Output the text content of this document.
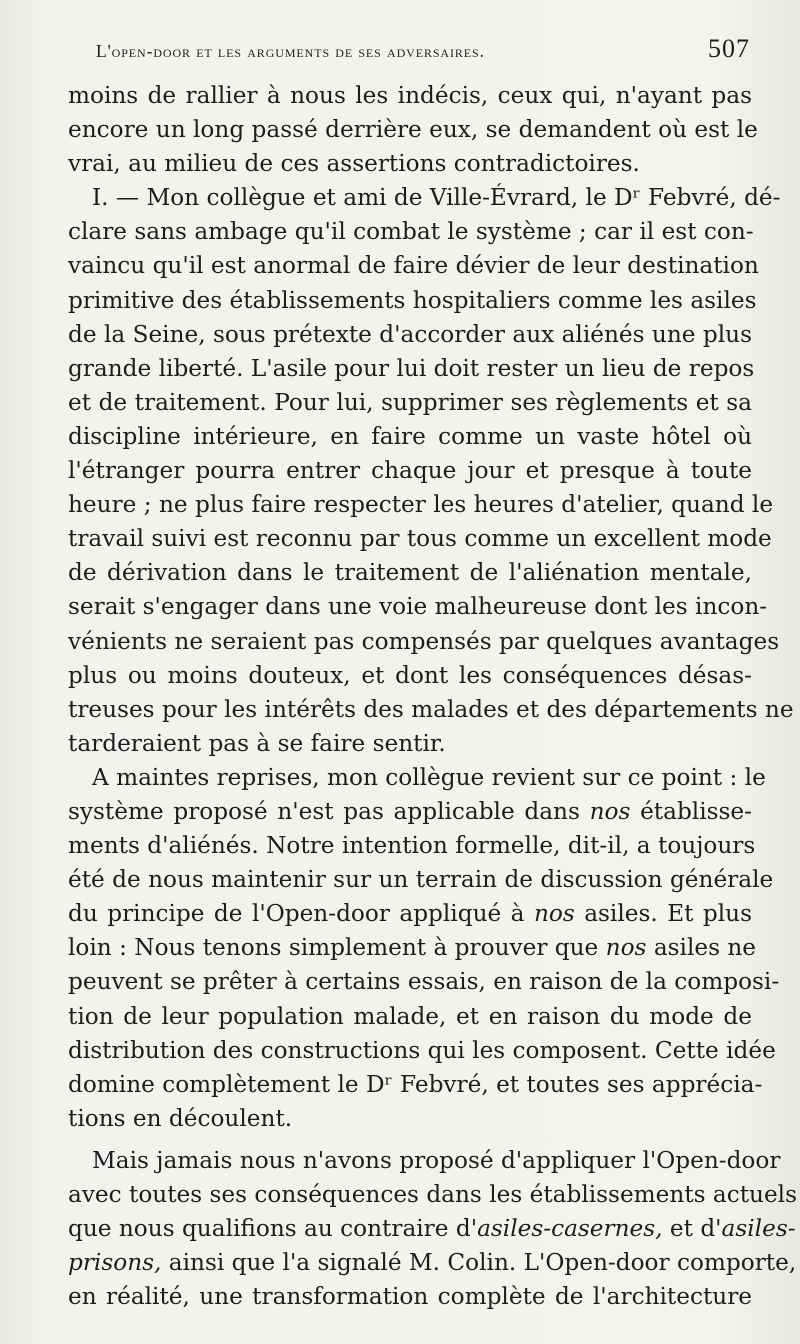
L'open-door et les arguments de ses adversaires.	507
moins de rallier à nous les indécis, ceux qui, n'ayant pas
encore un long passé derrière eux, se demandent où est le
vrai, au milieu de ces assertions contradictoires.
I. — Mon collègue et ami de Ville-Évrard, le Dʳ Febvré, dé-
clare sans ambage qu'il combat le système ; car il est con-
vaincu qu'il est anormal de faire dévier de leur destination
primitive des établissements hospitaliers comme les asiles
de la Seine, sous prétexte d'accorder aux aliénés une plus
grande liberté. L'asile pour lui doit rester un lieu de repos
et de traitement. Pour lui, supprimer ses règlements et sa
discipline intérieure, en faire comme un vaste hôtel où
l'étranger pourra entrer chaque jour et presque à toute
heure ; ne plus faire respecter les heures d'atelier, quand le
travail suivi est reconnu par tous comme un excellent mode
de dérivation dans le traitement de l'aliénation mentale,
serait s'engager dans une voie malheureuse dont les incon-
vénients ne seraient pas compensés par quelques avantages
plus ou moins douteux, et dont les conséquences désas-
treuses pour les intérêts des malades et des départements ne
tarderaient pas à se faire sentir.
A maintes reprises, mon collègue revient sur ce point : le
système proposé n'est pas applicable dans nos établisse-
ments d'aliénés. Notre intention formelle, dit-il, a toujours
été de nous maintenir sur un terrain de discussion générale
du principe de l'Open-door appliqué à nos asiles. Et plus
loin : Nous tenons simplement à prouver que nos asiles ne
peuvent se prêter à certains essais, en raison de la composi-
tion de leur population malade, et en raison du mode de
distribution des constructions qui les composent. Cette idée
domine complètement le Dʳ Febvré, et toutes ses apprécia-
tions en découlent.
Mais jamais nous n'avons proposé d'appliquer l'Open-door
avec toutes ses conséquences dans les établissements actuels
que nous qualifions au contraire d'asiles-casernes, et d'asiles-
prisons, ainsi que l'a signalé M. Colin. L'Open-door comporte,
en réalité, une transformation complète de l'architecture
